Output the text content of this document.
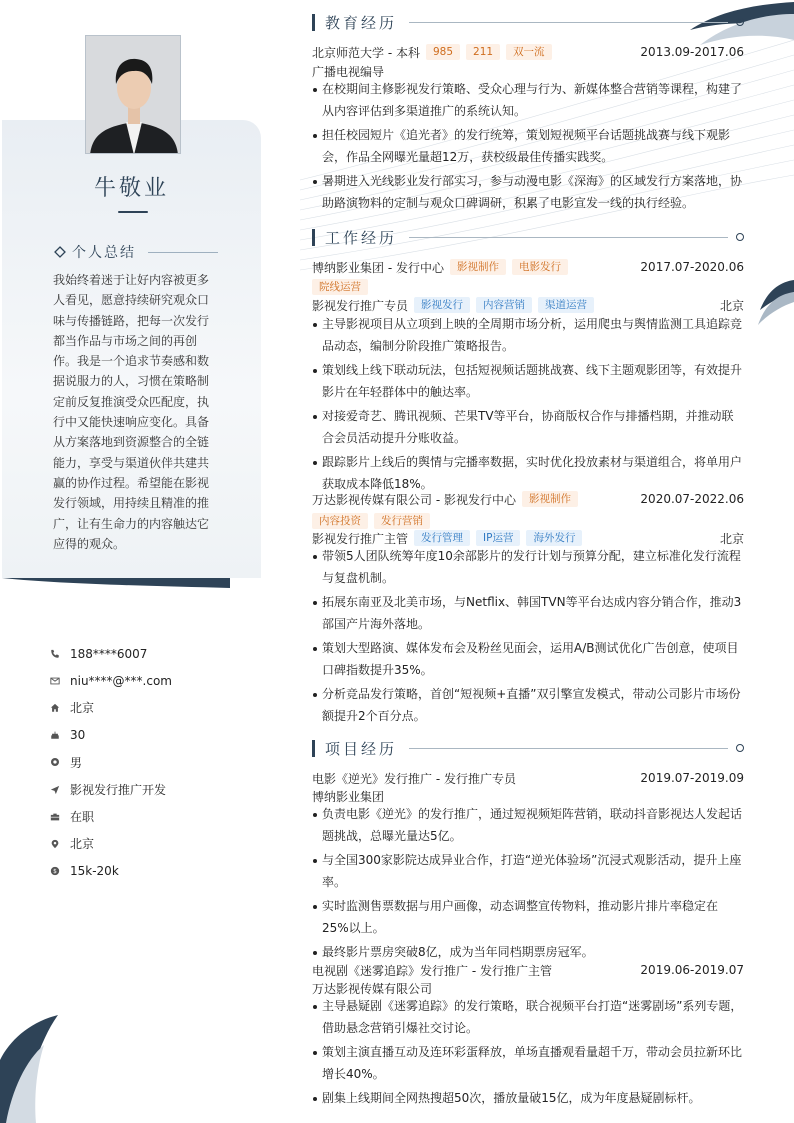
牛敬业
个人总结
我始终着迷于让好内容被更多人看见，愿意持续研究观众口味与传播链路，把每一次发行都当作品与市场之间的再创作。我是一个追求节奏感和数据说服力的人，习惯在策略制定前反复推演受众匹配度，执行中又能快速响应变化。具备从方案落地到资源整合的全链能力，享受与渠道伙伴共建共赢的协作过程。希望能在影视发行领域，用持续且精准的推广，让有生命力的内容触达它应得的观众。
188****6007
niu****@***.com
北京
30
男
影视发行推广开发
在职
北京
$ 15k-20k
教育经历
北京师范大学 - 本科	985	211	双一流	2013.09-2017.06
广播电视编导
在校期间主修影视发行策略、受众心理与行为、新媒体整合营销等课程，构建了从内容评估到多渠道推广的系统认知。
担任校园短片《追光者》的发行统筹，策划短视频平台话题挑战赛与线下观影会，作品全网曝光量超12万，获校级最佳传播实践奖。
暑期进入光线影业发行部实习，参与动漫电影《深海》的区域发行方案落地，协助路演物料的定制与观众口碑调研，积累了电影宣发一线的执行经验。
工作经历
博纳影业集团 - 发行中心	影视制作	电影发行	2017.07-2020.06
院线运营
影视发行推广专员	影视发行	内容营销	渠道运营	北京
主导影视项目从立项到上映的全周期市场分析，运用爬虫与舆情监测工具追踪竞品动态，编制分阶段推广策略报告。
策划线上线下联动玩法，包括短视频话题挑战赛、线下主题观影团等，有效提升影片在年轻群体中的触达率。
对接爱奇艺、腾讯视频、芒果TV等平台，协商版权合作与排播档期，并推动联合会员活动提升分账收益。
跟踪影片上线后的舆情与完播率数据，实时优化投放素材与渠道组合，将单用户获取成本降低18%。
万达影视传媒有限公司 - 影视发行中心	影视制作	2020.07-2022.06
内容投资	发行营销
影视发行推广主管	发行管理	IP运营	海外发行	北京
带领5人团队统筹年度10余部影片的发行计划与预算分配，建立标准化发行流程与复盘机制。
拓展东南亚及北美市场，与Netflix、韩国TVN等平台达成内容分销合作，推动3部国产片海外落地。
策划大型路演、媒体发布会及粉丝见面会，运用A/B测试优化广告创意，使项目口碑指数提升35%。
分析竞品发行策略，首创“短视频+直播”双引擎宣发模式，带动公司影片市场份额提升2个百分点。
项目经历
电影《逆光》发行推广 - 发行推广专员	2019.07-2019.09
博纳影业集团
负责电影《逆光》的发行推广，通过短视频矩阵营销，联动抖音影视达人发起话题挑战，总曝光量达5亿。
与全国300家影院达成异业合作，打造“逆光体验场”沉浸式观影活动，提升上座率。
实时监测售票数据与用户画像，动态调整宣传物料，推动影片排片率稳定在25%以上。
最终影片票房突破8亿，成为当年同档期票房冠军。
电视剧《迷雾追踪》发行推广 - 发行推广主管	2019.06-2019.07
万达影视传媒有限公司
主导悬疑剧《迷雾追踪》的发行策略，联合视频平台打造“迷雾剧场”系列专题，借助悬念营销引爆社交讨论。
策划主演直播互动及连环彩蛋释放，单场直播观看量超千万，带动会员拉新环比增长40%。
剧集上线期间全网热搜超50次，播放量破15亿，成为年度悬疑剧标杆。
